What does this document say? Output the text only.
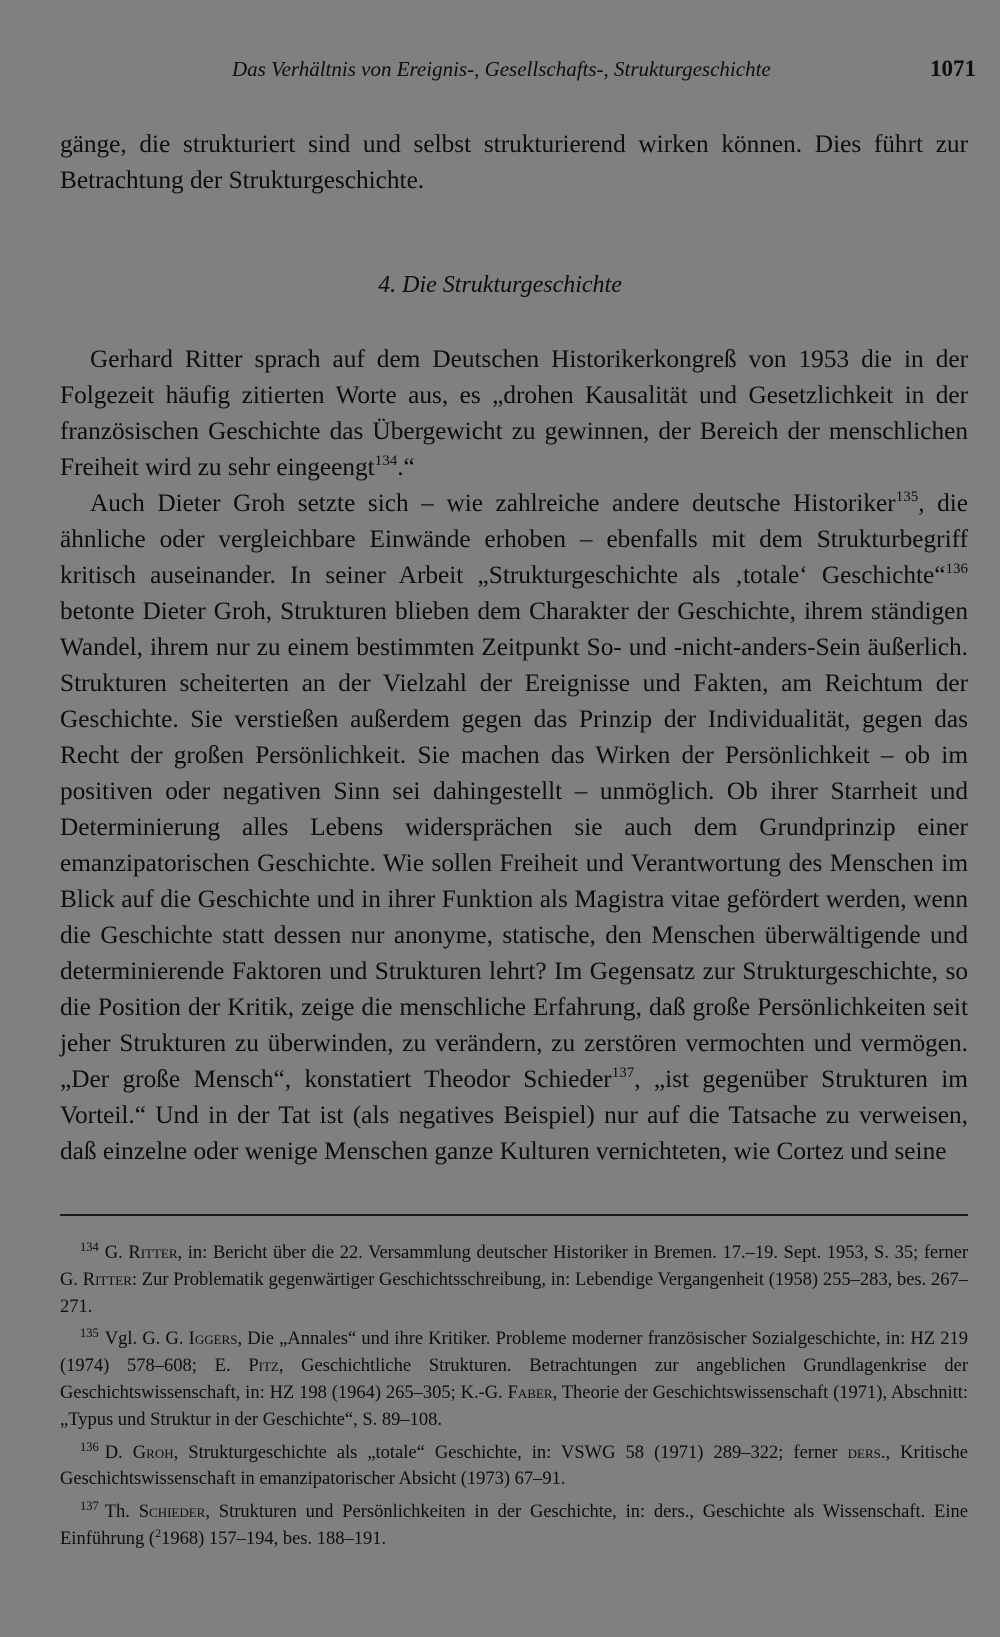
Das Verhältnis von Ereignis-, Gesellschafts-, Strukturgeschichte	1071
gänge, die strukturiert sind und selbst strukturierend wirken können. Dies führt zur Betrachtung der Strukturgeschichte.
4. Die Strukturgeschichte

Gerhard Ritter sprach auf dem Deutschen Historikerkongreß von 1953 die in der Folgezeit häufig zitierten Worte aus, es „drohen Kausalität und Gesetzlichkeit in der französischen Geschichte das Übergewicht zu gewinnen, der Bereich der menschlichen Freiheit wird zu sehr eingeengt$^{134}$.“

Auch Dieter Groh setzte sich – wie zahlreiche andere deutsche Historiker$^{135}$, die ähnliche oder vergleichbare Einwände erhoben – ebenfalls mit dem Strukturbegriff kritisch auseinander. In seiner Arbeit „Strukturgeschichte als ‚totale‘ Geschichte“$^{136}$ betonte Dieter Groh, Strukturen blieben dem Charakter der Geschichte, ihrem ständigen Wandel, ihrem nur zu einem bestimmten Zeitpunkt So- und -nicht-anders-Sein äußerlich. Strukturen scheiterten an der Vielzahl der Ereignisse und Fakten, am Reichtum der Geschichte. Sie verstießen außerdem gegen das Prinzip der Individualität, gegen das Recht der großen Persönlichkeit. Sie machen das Wirken der Persönlichkeit – ob im positiven oder negativen Sinn sei dahingestellt – unmöglich. Ob ihrer Starrheit und Determinierung alles Lebens widersprächen sie auch dem Grundprinzip einer emanzipatorischen Geschichte. Wie sollen Freiheit und Verantwortung des Menschen im Blick auf die Geschichte und in ihrer Funktion als Magistra vitae gefördert werden, wenn die Geschichte statt dessen nur anonyme, statische, den Menschen überwältigende und determinierende Faktoren und Strukturen lehrt? Im Gegensatz zur Strukturgeschichte, so die Position der Kritik, zeige die menschliche Erfahrung, daß große Persönlichkeiten seit jeher Strukturen zu überwinden, zu verändern, zu zerstören vermochten und vermögen. „Der große Mensch“, konstatiert Theodor Schieder$^{137}$, „ist gegenüber Strukturen im Vorteil.“ Und in der Tat ist (als negatives Beispiel) nur auf die Tatsache zu verweisen, daß einzelne oder wenige Menschen ganze Kulturen vernichteten, wie Cortez und seine

$^{134}$ G. Ritter, in: Bericht über die 22. Versammlung deutscher Historiker in Bremen. 17.–19. Sept. 1953, S. 35; ferner G. Ritter: Zur Problematik gegenwärtiger Geschichtsschreibung, in: Lebendige Vergangenheit (1958) 255–283, bes. 267–271.

$^{135}$ Vgl. G. G. Iggers, Die „Annales“ und ihre Kritiker. Probleme moderner französischer Sozialgeschichte, in: HZ 219 (1974) 578–608; E. Pitz, Geschichtliche Strukturen. Betrachtungen zur angeblichen Grundlagenkrise der Geschichtswissenschaft, in: HZ 198 (1964) 265–305; K.-G. Faber, Theorie der Geschichtswissenschaft (1971), Abschnitt: „Typus und Struktur in der Geschichte“, S. 89–108.

$^{136}$ D. Groh, Strukturgeschichte als „totale“ Geschichte, in: VSWG 58 (1971) 289–322; ferner ders., Kritische Geschichtswissenschaft in emanzipatorischer Absicht (1973) 67–91.

$^{137}$ Th. Schieder, Strukturen und Persönlichkeiten in der Geschichte, in: ders., Geschichte als Wissenschaft. Eine Einführung ($^2$1968) 157–194, bes. 188–191.
